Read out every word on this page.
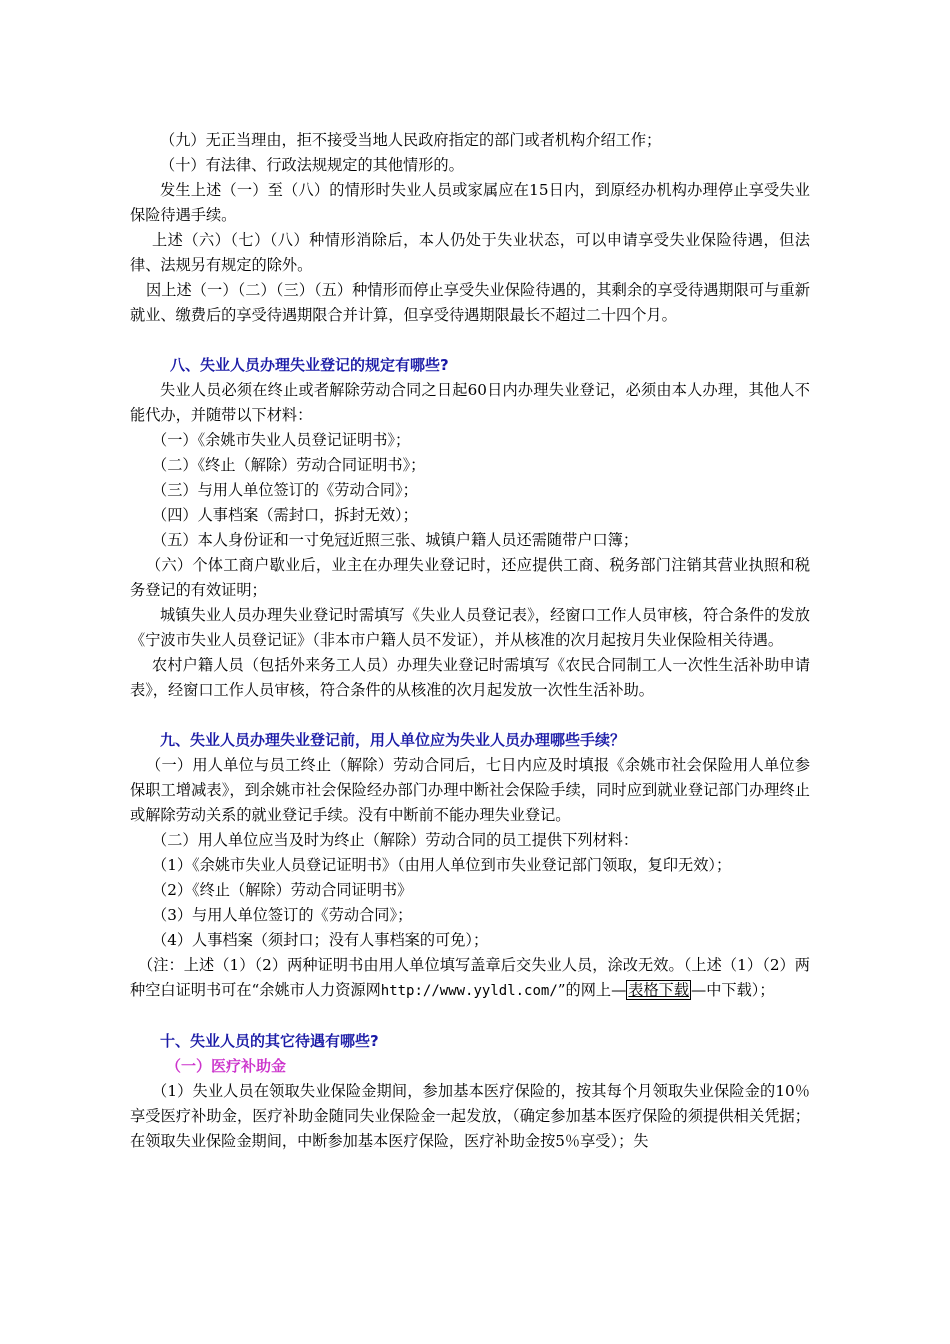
（九）无正当理由，拒不接受当地人民政府指定的部门或者机构介绍工作；

（十）有法律、行政法规规定的其他情形的。

发生上述（一）至（八）的情形时失业人员或家属应在15日内，到原经办机构办理停止享受失业保险待遇手续。

上述（六）（七）（八）种情形消除后，本人仍处于失业状态，可以申请享受失业保险待遇，但法律、法规另有规定的除外。

因上述（一）（二）（三）（五）种情形而停止享受失业保险待遇的，其剩余的享受待遇期限可与重新就业、缴费后的享受待遇期限合并计算，但享受待遇期限最长不超过二十四个月。

八、失业人员办理失业登记的规定有哪些?

失业人员必须在终止或者解除劳动合同之日起60日内办理失业登记，必须由本人办理，其他人不能代办，并随带以下材料：

（一）《余姚市失业人员登记证明书》；

（二）《终止（解除）劳动合同证明书》；

（三）与用人单位签订的《劳动合同》；

（四）人事档案（需封口，拆封无效）；

（五）本人身份证和一寸免冠近照三张、城镇户籍人员还需随带户口簿；

（六）个体工商户歇业后，业主在办理失业登记时，还应提供工商、税务部门注销其营业执照和税务登记的有效证明；

城镇失业人员办理失业登记时需填写《失业人员登记表》，经窗口工作人员审核，符合条件的发放《宁波市失业人员登记证》（非本市户籍人员不发证），并从核准的次月起按月失业保险相关待遇。

农村户籍人员（包括外来务工人员）办理失业登记时需填写《农民合同制工人一次性生活补助申请表》，经窗口工作人员审核，符合条件的从核准的次月起发放一次性生活补助。

九、失业人员办理失业登记前，用人单位应为失业人员办理哪些手续？

（一）用人单位与员工终止（解除）劳动合同后，七日内应及时填报《余姚市社会保险用人单位参保职工增减表》，到余姚市社会保险经办部门办理中断社会保险手续，同时应到就业登记部门办理终止或解除劳动关系的就业登记手续。没有中断前不能办理失业登记。

（二）用人单位应当及时为终止（解除）劳动合同的员工提供下列材料：

（1）《余姚市失业人员登记证明书》（由用人单位到市失业登记部门领取，复印无效）；

（2）《终止（解除）劳动合同证明书》

（3）与用人单位签订的《劳动合同》；

（4）人事档案（须封口；没有人事档案的可免）；

（注：上述（1）（2）两种证明书由用人单位填写盖章后交失业人员，涂改无效。（上述（1）（2）两种空白证明书可在“余姚市人力资源网http://www.yyldl.com/”的网上— 表格下载 —中下载）；

十、失业人员的其它待遇有哪些?

（一）医疗补助金

（1）失业人员在领取失业保险金期间，参加基本医疗保险的，按其每个月领取失业保险金的10％享受医疗补助金，医疗补助金随同失业保险金一起发放，（确定参加基本医疗保险的须提供相关凭据；在领取失业保险金期间，中断参加基本医疗保险，医疗补助金按5％享受）；失
